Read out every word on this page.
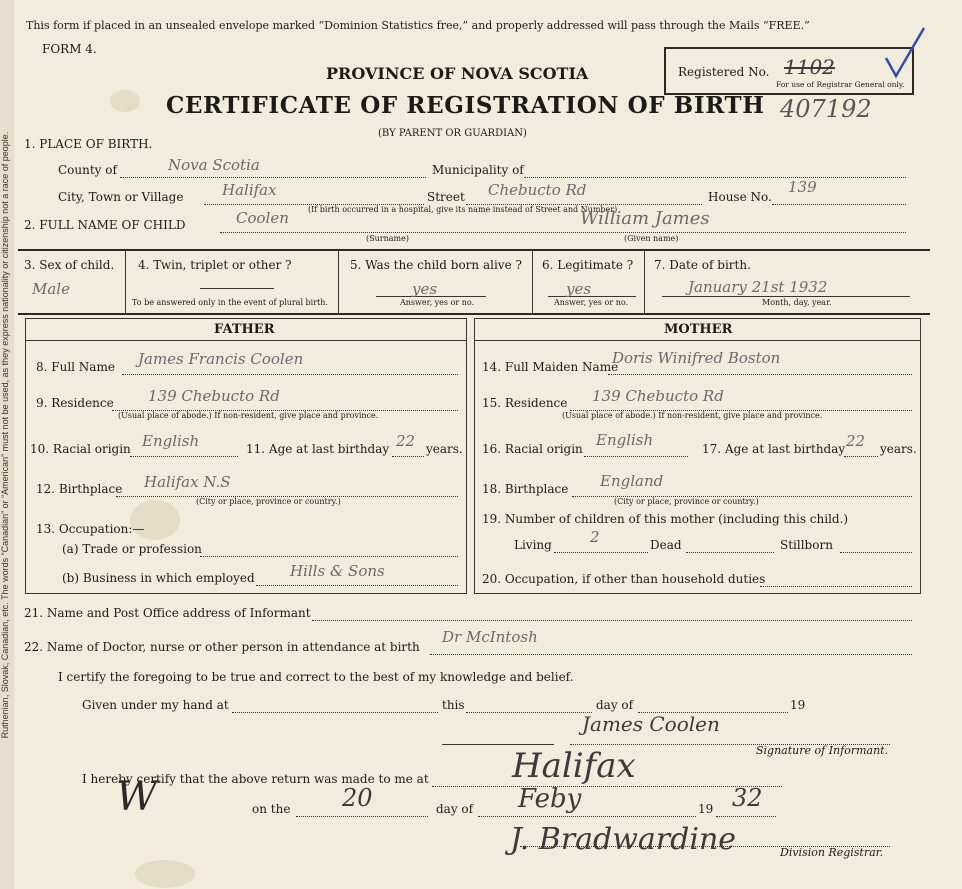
Ruthenian, Slovak, Canadian, etc. The words “Canadian” or “American” must not be used, as they express nationality or citizenship not a race of people.
This form if placed in an unsealed envelope marked “Dominion Statistics free,” and properly addressed will pass through the Mails “FREE.”
FORM 4.
PROVINCE OF NOVA SCOTIA
CERTIFICATE OF REGISTRATION OF BIRTH
(BY PARENT OR GUARDIAN)
407192
Registered No. 1102
For use of Registrar General only.
1. PLACE OF BIRTH.
County of	Nova Scotia	Municipality of
City, Town or Village	Halifax	Street Chebucto Rd	House No.
139
(If birth occurred in a hospital, give its name instead of Street and Number)
2. FULL NAME OF CHILD	Coolen
(Surname)
William James
(Given name)
3. Sex of child.
Male
4. Twin, triplet or other ?
To be answered only in the event of plural birth.
5. Was the child born alive ?
yes
Answer, yes or no.
6. Legitimate ?
yes
Answer, yes or no.
7. Date of birth.
January 21st 1932
Month, day, year.
FATHER	MOTHER
8. Full Name James Francis Coolen
9. Residence 139 Chebucto Rd
(Usual place of abode.) If non-resident, give place and province.
10. Racial origin English	11. Age at last birthday 22 years.
12. Birthplace Halifax N.S
(City or place, province or country.)
13. Occupation:—
(a) Trade or profession
(b) Business in which employed Hills & Sons
14. Full Maiden Name
Doris Winifred Boston
15. Residence 139 Chebucto Rd
(Usual place of abode.) If non-resident, give place and province.
16. Racial origin English	17. Age at last birthday 22 years.
18. Birthplace England
(City or place, province or country.)
19. Number of children of this mother (including this child.)
Living	2	Dead	Stillborn
20. Occupation, if other than household duties
21. Name and Post Office address of Informant
22. Name of Doctor, nurse or other person in attendance at birth
Dr McIntosh
I certify the foregoing to be true and correct to the best of my knowledge and belief.
Given under my hand at	this	day of	19
James Coolen
Signature of Informant.
I hereby certify that the above return was made to me at Halifax
W	on the 20	day of Feby	19 32
J. Bradwardine	Division Registrar.
